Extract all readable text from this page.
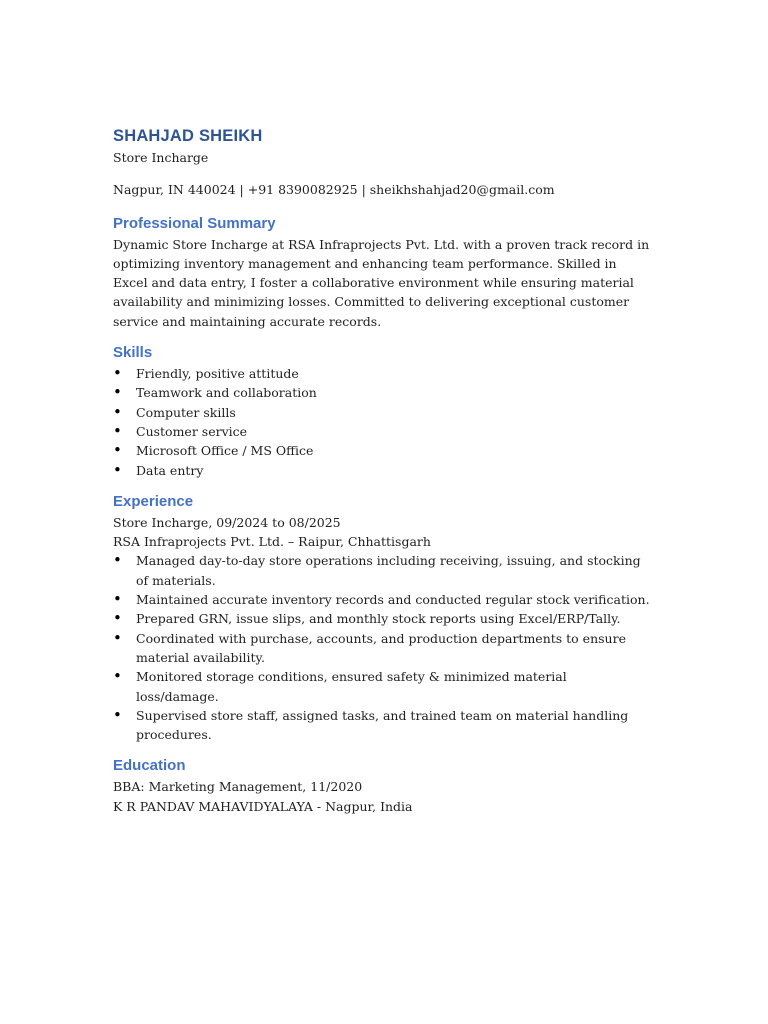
SHAHJAD SHEIKH

Store Incharge

Nagpur, IN 440024 | +91 8390082925 | sheikhshahjad20@gmail.com

Professional Summary

Dynamic Store Incharge at RSA Infraprojects Pvt. Ltd. with a proven track record in optimizing inventory management and enhancing team performance. Skilled in Excel and data entry, I foster a collaborative environment while ensuring material availability and minimizing losses. Committed to delivering exceptional customer service and maintaining accurate records.

Skills
• Friendly, positive attitude
• Teamwork and collaboration
• Computer skills
• Customer service
• Microsoft Office / MS Office
• Data entry
Experience

Store Incharge, 09/2024 to 08/2025

RSA Infraprojects Pvt. Ltd. – Raipur, Chhattisgarh

• Managed day-to-day store operations including receiving, issuing, and stocking of materials.
• Maintained accurate inventory records and conducted regular stock verification.
• Prepared GRN, issue slips, and monthly stock reports using Excel/ERP/Tally.
• Coordinated with purchase, accounts, and production departments to ensure material availability.
• Monitored storage conditions, ensured safety & minimized material loss/damage.
• Supervised store staff, assigned tasks, and trained team on material handling procedures.
Education

BBA: Marketing Management, 11/2020

K R PANDAV MAHAVIDYALAYA - Nagpur, India
